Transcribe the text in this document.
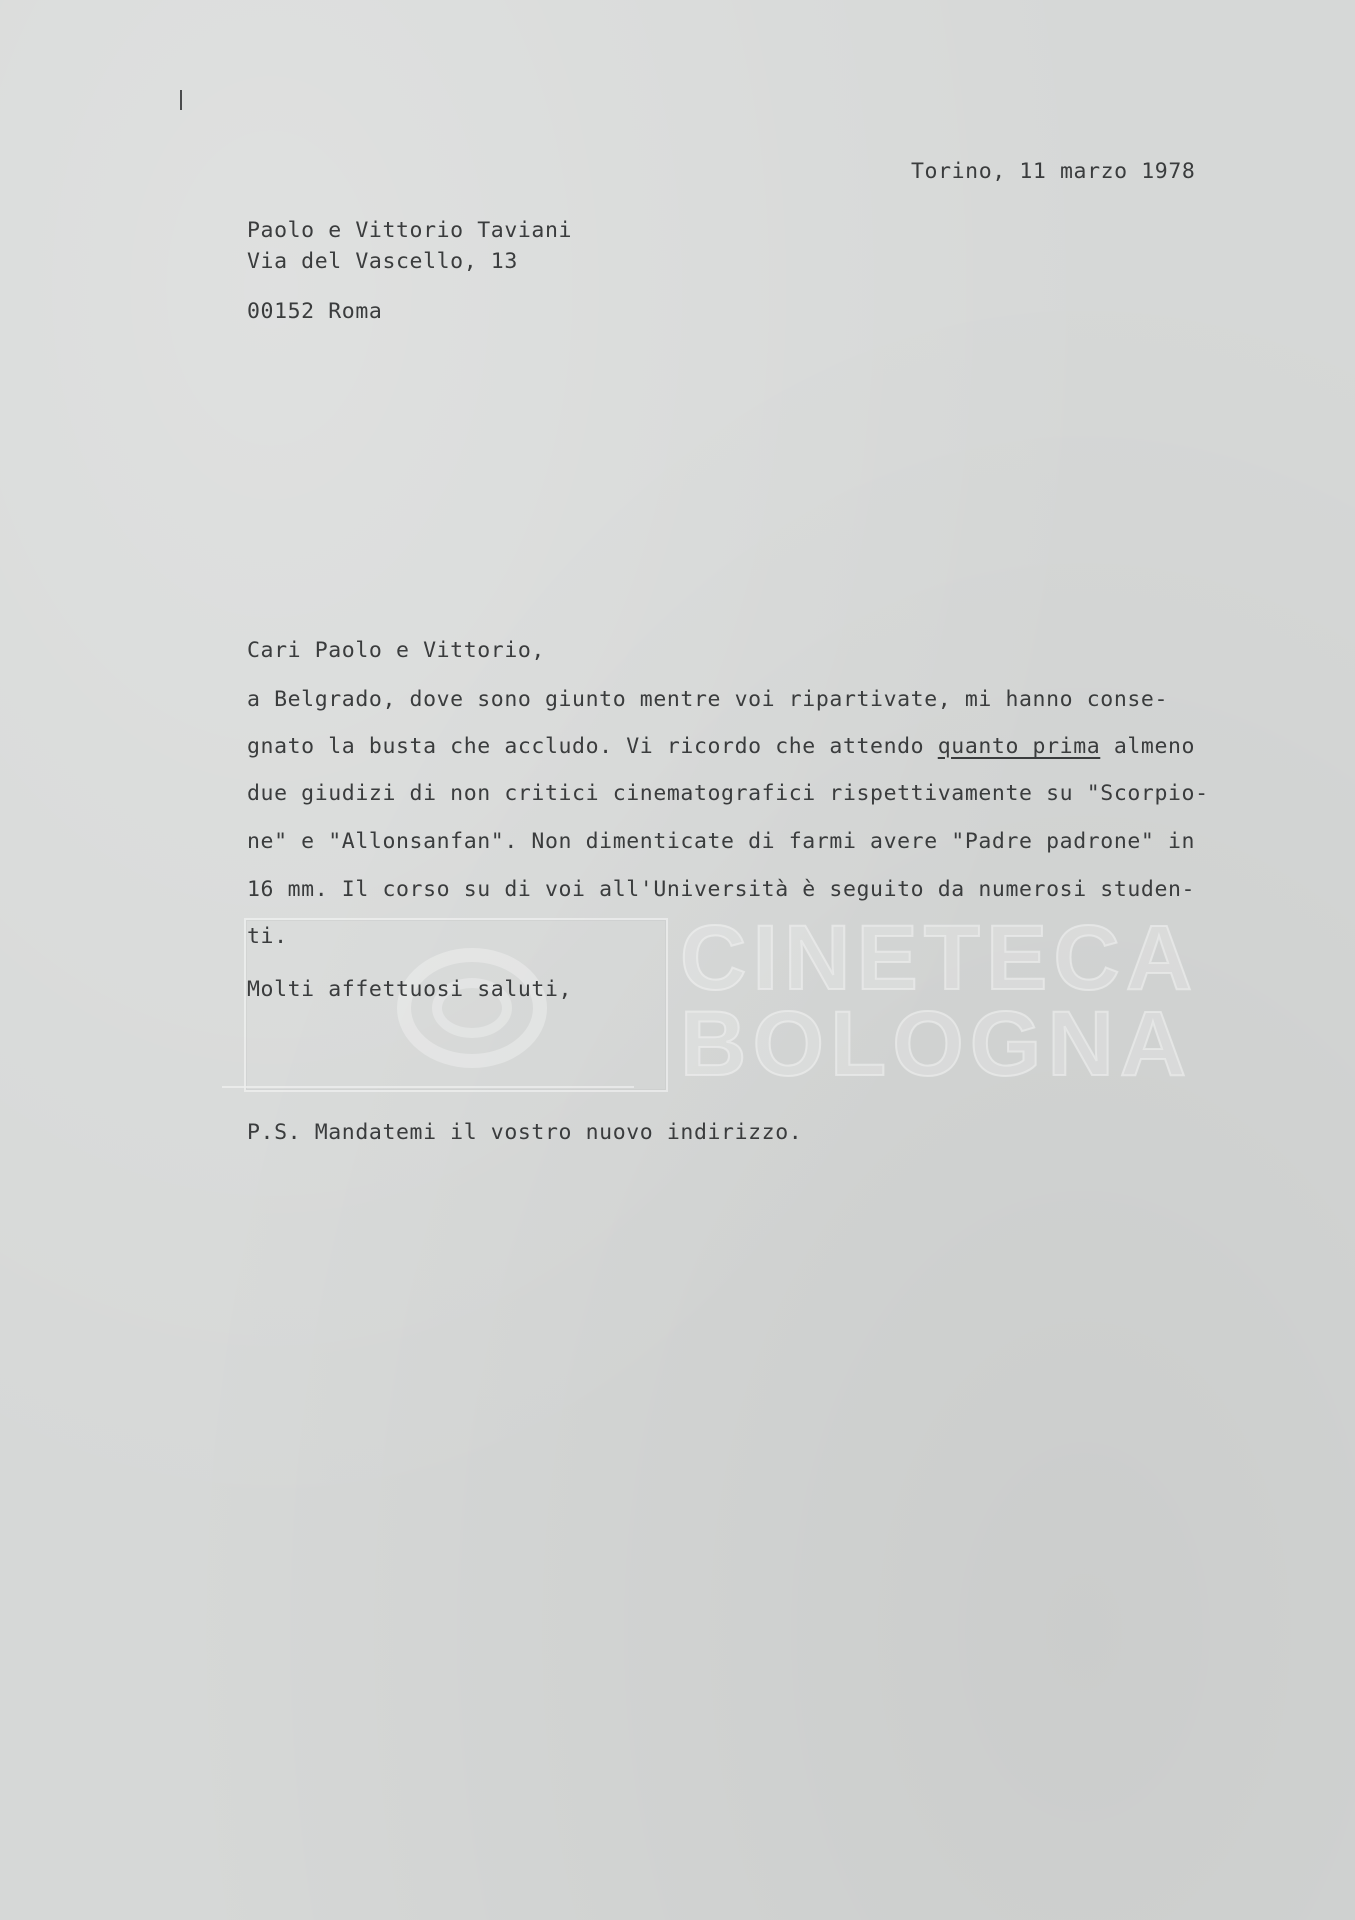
CINETECA
BOLOGNA
Torino, 11 marzo 1978
Paolo e Vittorio Taviani
Via del Vascello, 13
00152 Roma
Cari Paolo e Vittorio,
a Belgrado, dove sono giunto mentre voi ripartivate, mi hanno conse-
gnato la busta che accludo. Vi ricordo che attendo quanto prima almeno
due giudizi di non critici cinematografici rispettivamente su "Scorpio-
ne" e "Allonsanfan". Non dimenticate di farmi avere "Padre padrone" in
16 mm. Il corso su di voi all'Università è seguito da numerosi studen-
ti.
Molti affettuosi saluti,
P.S. Mandatemi il vostro nuovo indirizzo.
